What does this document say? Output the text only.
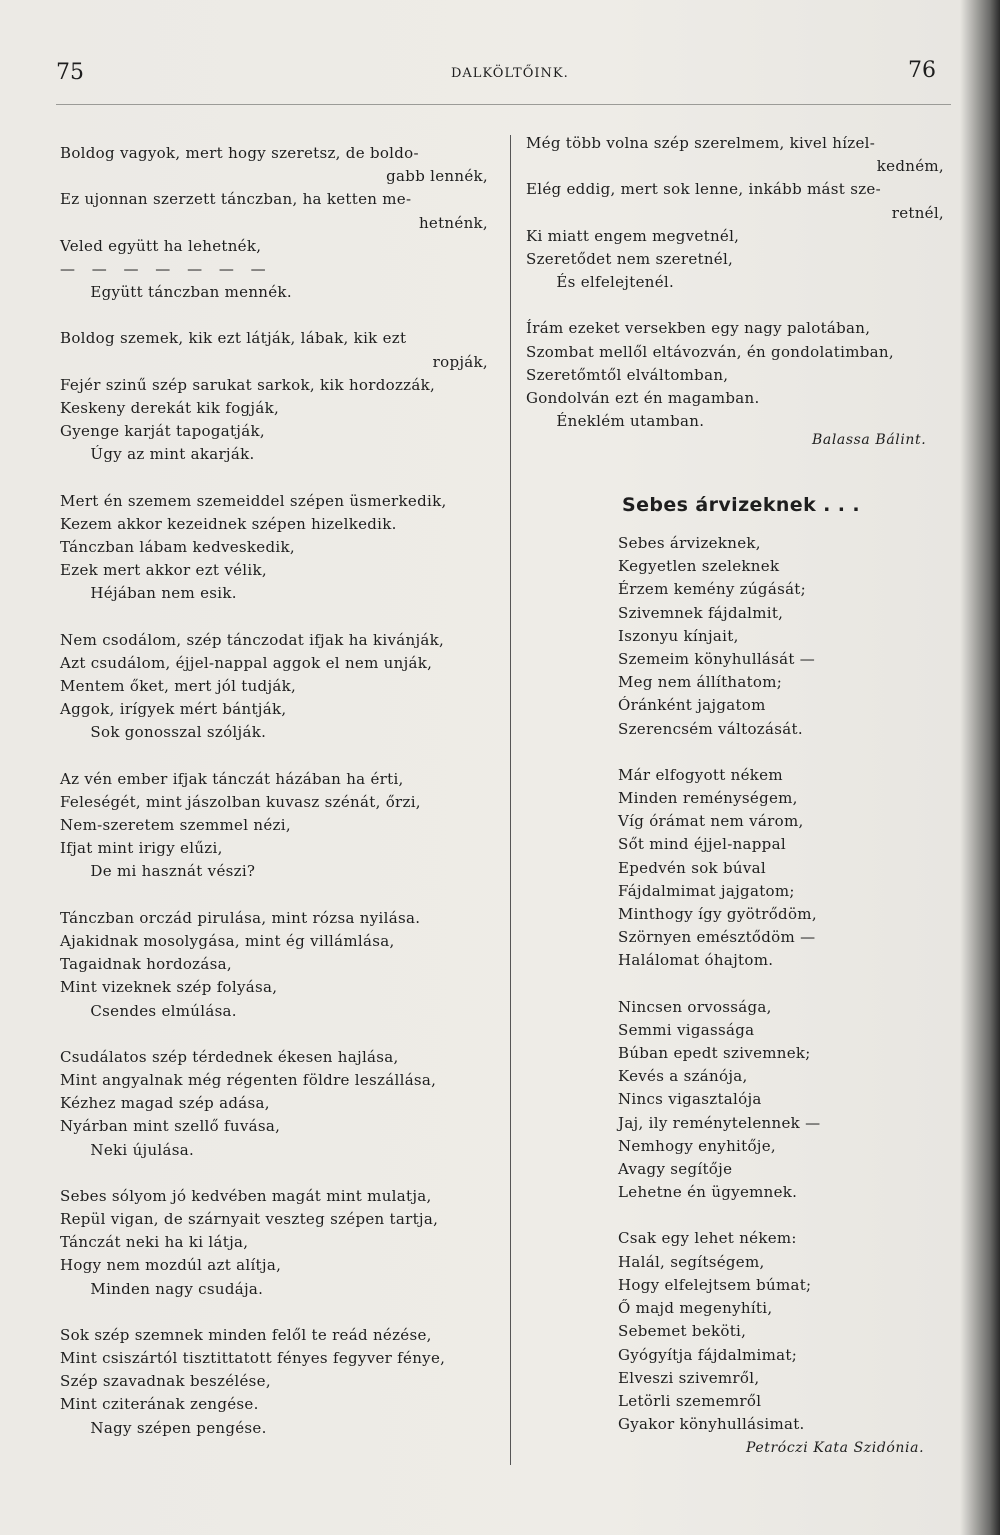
75	DALKÖLTŐINK.	76
Boldog vagyok, mert hogy szeretsz, de boldo-
gabb lennék,
Ez ujonnan szerzett tánczban, ha ketten me-
hetnénk,
Veled együtt ha lehetnék,
— — — — — — —
Együtt tánczban mennék.
Boldog szemek, kik ezt látják, lábak, kik ezt
ropják,
Fejér szinű szép sarukat sarkok, kik hordozzák,
Keskeny derekát kik fogják,
Gyenge karját tapogatják,
Úgy az mint akarják.
Mert én szemem szemeiddel szépen üsmerkedik,
Kezem akkor kezeidnek szépen hizelkedik.
Tánczban lábam kedveskedik,
Ezek mert akkor ezt vélik,
Héjában nem esik.
Nem csodálom, szép tánczodat ifjak ha kivánják,
Azt csudálom, éjjel-nappal aggok el nem unják,
Mentem őket, mert jól tudják,
Aggok, irígyek mért bántják,
Sok gonosszal szólják.
Az vén ember ifjak tánczát házában ha érti,
Feleségét, mint jászolban kuvasz szénát, őrzi,
Nem-szeretem szemmel nézi,
Ifjat mint irigy elűzi,
De mi hasznát vészi?
Tánczban orczád pirulása, mint rózsa nyilása.
Ajakidnak mosolygása, mint ég villámlása,
Tagaidnak hordozása,
Mint vizeknek szép folyása,
Csendes elmúlása.
Csudálatos szép térdednek ékesen hajlása,
Mint angyalnak még régenten földre leszállása,
Kézhez magad szép adása,
Nyárban mint szellő fuvása,
Neki újulása.
Sebes sólyom jó kedvében magát mint mulatja,
Repül vigan, de szárnyait veszteg szépen tartja,
Tánczát neki ha ki látja,
Hogy nem mozdúl azt alítja,
Minden nagy csudája.
Sok szép szemnek minden felől te reád nézése,
Mint csiszártól tisztittatott fényes fegyver fénye,
Szép szavadnak beszélése,
Mint cziterának zengése.
Nagy szépen pengése.
Még több volna szép szerelmem, kivel hízel-
kedném,
Elég eddig, mert sok lenne, inkább mást sze-
retnél,
Ki miatt engem megvetnél,
Szeretődet nem szeretnél,
És elfelejtenél.
Írám ezeket versekben egy nagy palotában,
Szombat mellől eltávozván, én gondolatimban,
Szeretőmtől elváltomban,
Gondolván ezt én magamban.
Éneklém utamban.
Balassa Bálint.
Sebes árvizeknek . . .
Sebes árvizeknek,
Kegyetlen szeleknek
Érzem kemény zúgását;
Szivemnek fájdalmit,
Iszonyu kínjait,
Szemeim könyhullását —
Meg nem állíthatom;
Óránként jajgatom
Szerencsém változását.
Már elfogyott nékem
Minden reménységem,
Víg órámat nem várom,
Sőt mind éjjel-nappal
Epedvén sok búval
Fájdalmimat jajgatom;
Minthogy így gyötrődöm,
Szörnyen emésztődöm —
Halálomat óhajtom.
Nincsen orvossága,
Semmi vigassága
Búban epedt szivemnek;
Kevés a szánója,
Nincs vigasztalója
Jaj, ily reménytelennek —
Nemhogy enyhitője,
Avagy segítője
Lehetne én ügyemnek.
Csak egy lehet nékem:
Halál, segítségem,
Hogy elfelejtsem búmat;
Ő majd megenyhíti,
Sebemet beköti,
Gyógyítja fájdalmimat;
Elveszi szivemről,
Letörli szememről
Gyakor könyhullásimat.
Petróczi Kata Szidónia.
